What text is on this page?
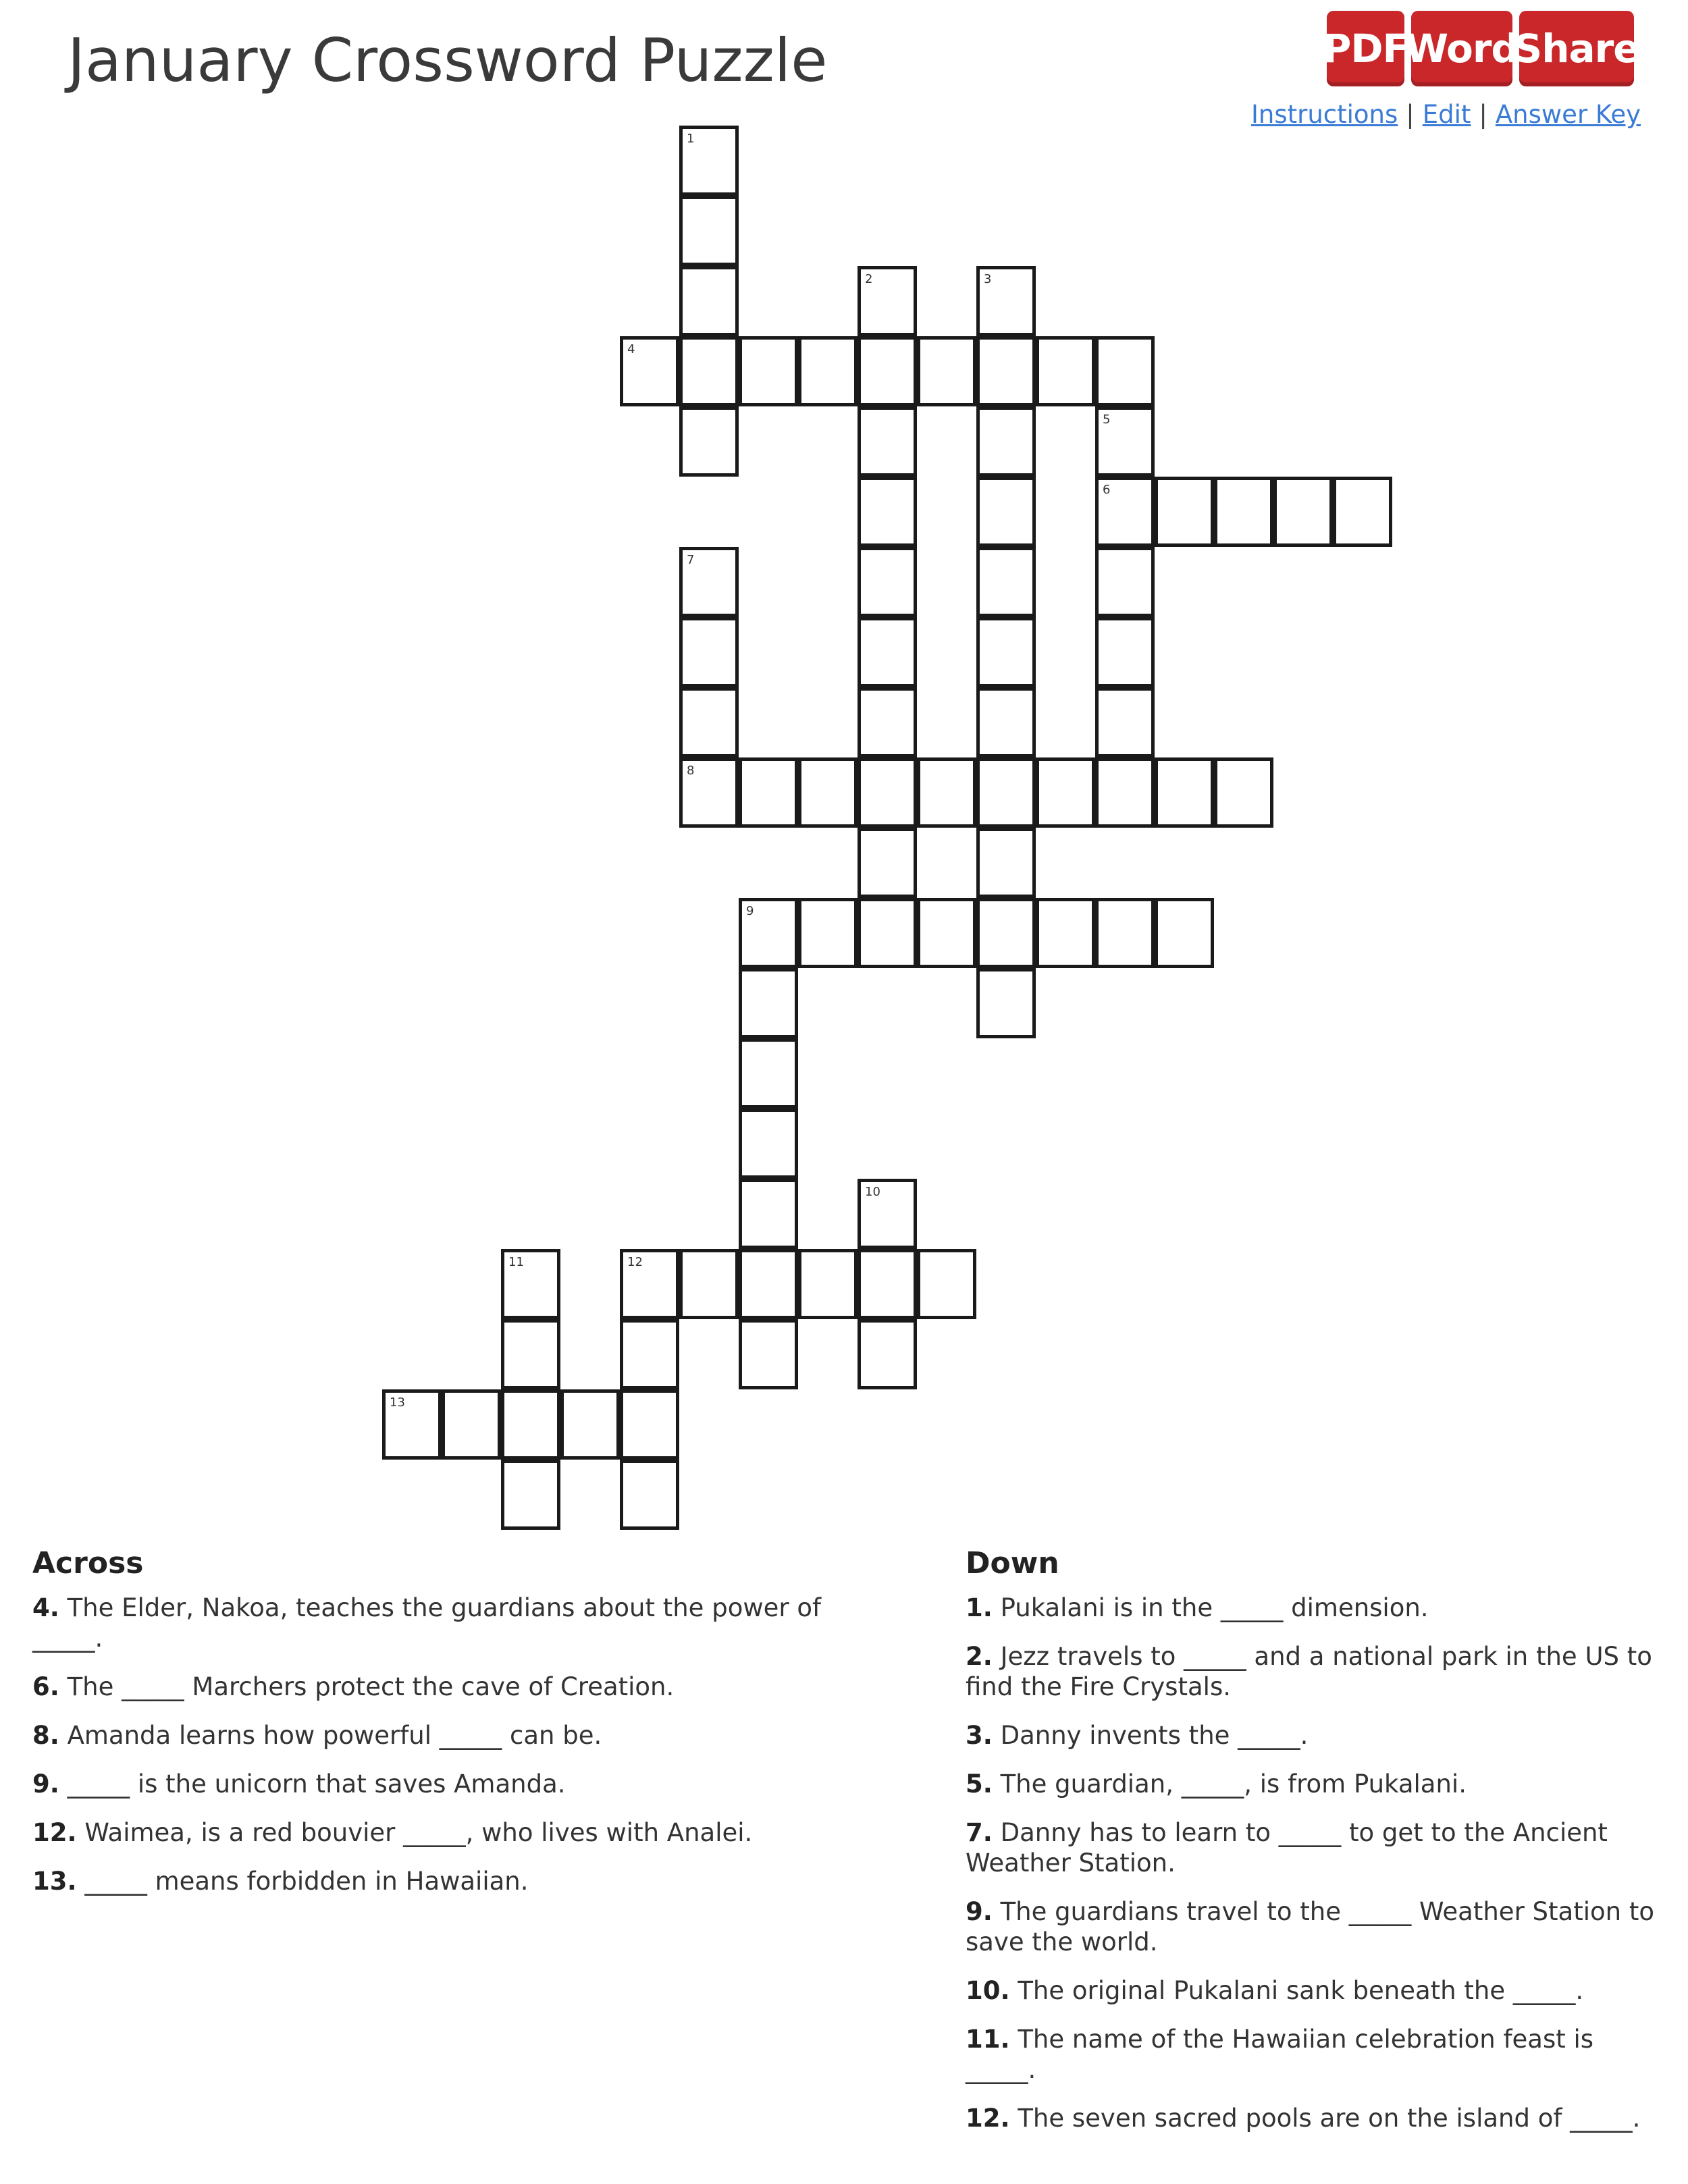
January Crossword Puzzle	PDF
Word
Share
Instructions | Edit | Answer Key
1
2	3
4
5
6
7
8
9
10
11	12
13
Across
4. The Elder, Nakoa, teaches the guardians about the power of _____.
6. The _____ Marchers protect the cave of Creation.
8. Amanda learns how powerful _____ can be.
9. _____ is the unicorn that saves Amanda.
12. Waimea, is a red bouvier _____, who lives with Analei.
13. _____ means forbidden in Hawaiian.
Down
1. Pukalani is in the _____ dimension.
2. Jezz travels to _____ and a national park in the US to find the Fire Crystals.
3. Danny invents the _____.
5. The guardian, _____, is from Pukalani.
7. Danny has to learn to _____ to get to the Ancient Weather Station.
9. The guardians travel to the _____ Weather Station to save the world.
10. The original Pukalani sank beneath the _____.
11. The name of the Hawaiian celebration feast is _____.
12. The seven sacred pools are on the island of _____.
